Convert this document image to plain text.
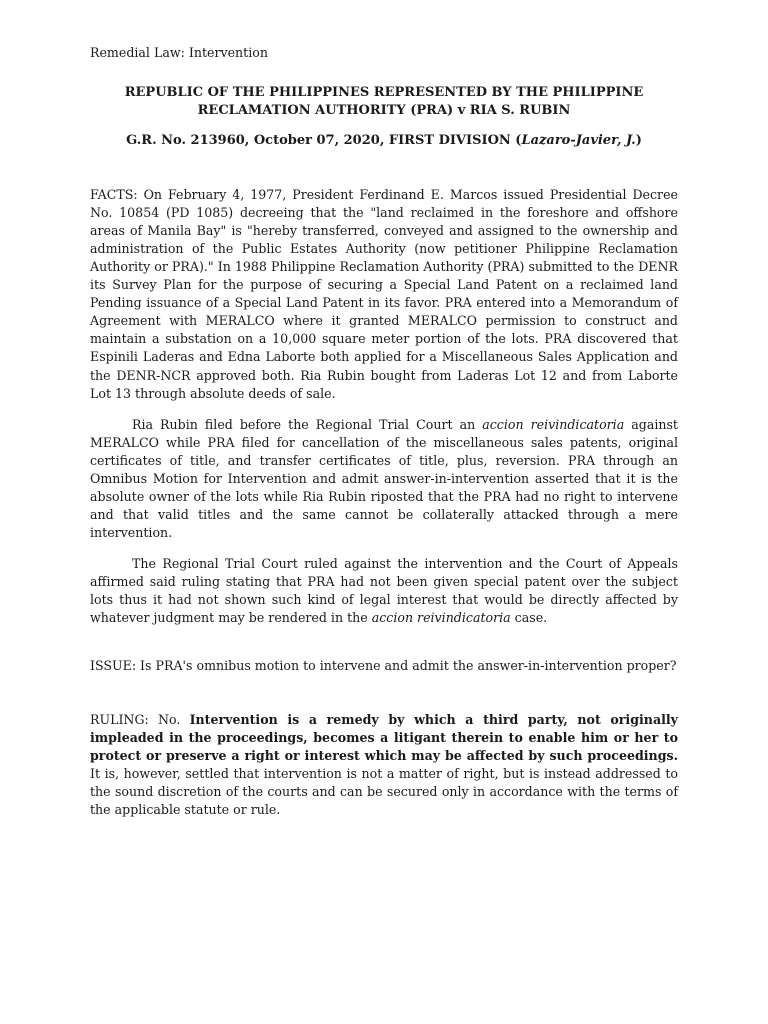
Remedial Law: Intervention
REPUBLIC OF THE PHILIPPINES REPRESENTED BY THE PHILIPPINE
RECLAMATION AUTHORITY (PRA) v RIA S. RUBIN
G.R. No. 213960, October 07, 2020, FIRST DIVISION (Lazaro-Javier, J.)

FACTS: On February 4, 1977, President Ferdinand E. Marcos issued Presidential Decree No. 10854 (PD 1085) decreeing that the "land reclaimed in the foreshore and offshore areas of Manila Bay" is "hereby transferred, conveyed and assigned to the ownership and administration of the Public Estates Authority (now petitioner Philippine Reclamation Authority or PRA)." In 1988 Philippine Reclamation Authority (PRA) submitted to the DENR its Survey Plan for the purpose of securing a Special Land Patent on a reclaimed land Pending issuance of a Special Land Patent in its favor. PRA entered into a Memorandum of Agreement with MERALCO where it granted MERALCO permission to construct and maintain a substation on a 10,000 square meter portion of the lots. PRA discovered that Espinili Laderas and Edna Laborte both applied for a Miscellaneous Sales Application and the DENR-NCR approved both. Ria Rubin bought from Laderas Lot 12 and from Laborte Lot 13 through absolute deeds of sale.

Ria Rubin filed before the Regional Trial Court an accion reivindicatoria against MERALCO while PRA filed for cancellation of the miscellaneous sales patents, original certificates of title, and transfer certificates of title, plus, reversion. PRA through an Omnibus Motion for Intervention and admit answer-in-intervention asserted that it is the absolute owner of the lots while Ria Rubin riposted that the PRA had no right to intervene and that valid titles and the same cannot be collaterally attacked through a mere intervention.

The Regional Trial Court ruled against the intervention and the Court of Appeals affirmed said ruling stating that PRA had not been given special patent over the subject lots thus it had not shown such kind of legal interest that would be directly affected by whatever judgment may be rendered in the accion reivindicatoria case.

ISSUE: Is PRA's omnibus motion to intervene and admit the answer-in-intervention proper?

RULING: No. Intervention is a remedy by which a third party, not originally impleaded in the proceedings, becomes a litigant therein to enable him or her to protect or preserve a right or interest which may be affected by such proceedings. It is, however, settled that intervention is not a matter of right, but is instead addressed to the sound discretion of the courts and can be secured only in accordance with the terms of the applicable statute or rule.
